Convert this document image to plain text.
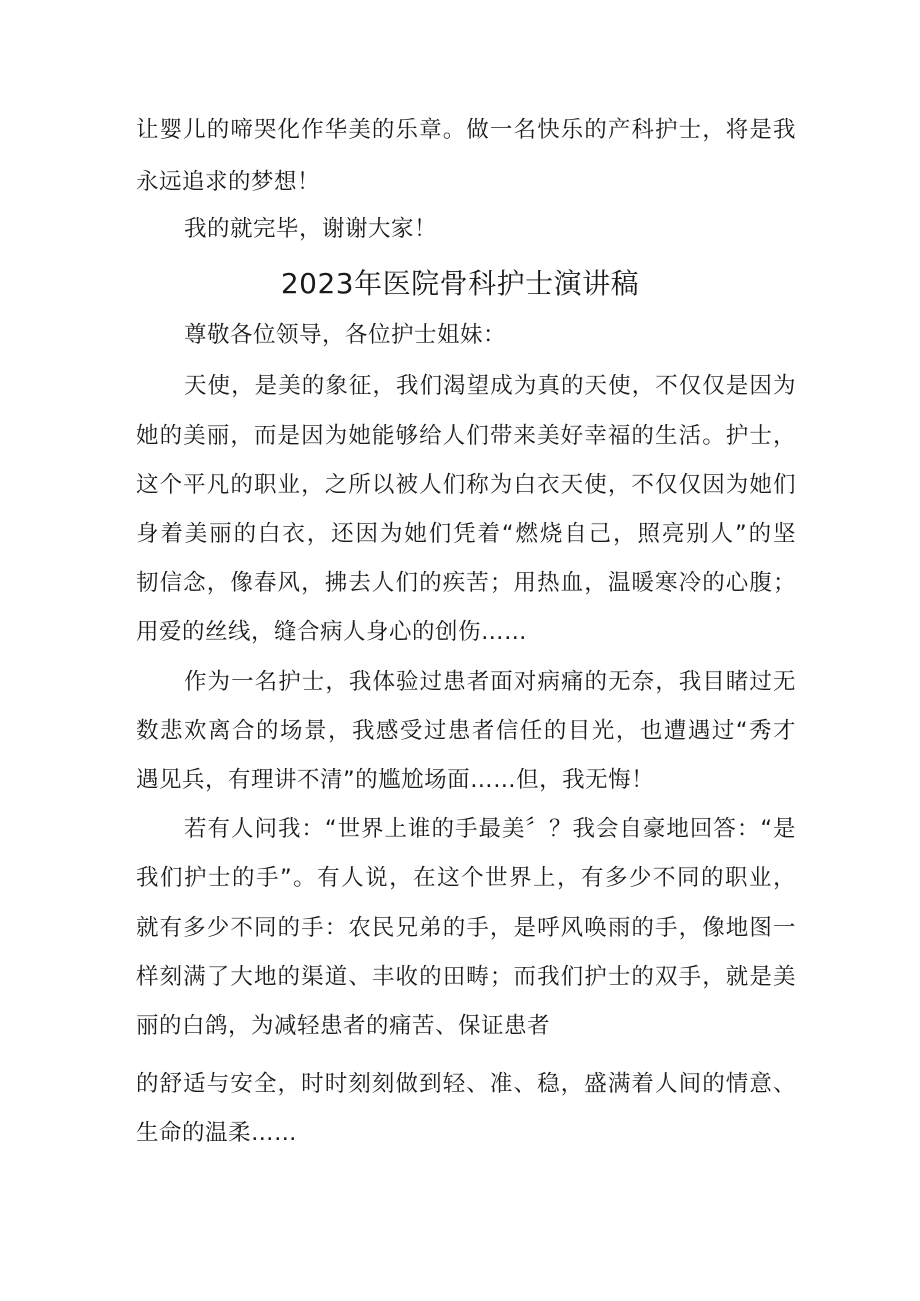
让婴儿的啼哭化作华美的乐章。做一名快乐的产科护士，将是我
永远追求的梦想！
我的就完毕，谢谢大家！
2023年医院骨科护士演讲稿
尊敬各位领导，各位护士姐妹：
天使，是美的象征，我们渴望成为真的天使，不仅仅是因为
她的美丽，而是因为她能够给人们带来美好幸福的生活。护士，
这个平凡的职业，之所以被人们称为白衣天使，不仅仅因为她们
身着美丽的白衣，还因为她们凭着“燃烧自己，照亮别人”的坚
韧信念，像春风，拂去人们的疾苦；用热血，温暖寒冷的心腹；
用爱的丝线，缝合病人身心的创伤……
作为一名护士，我体验过患者面对病痛的无奈，我目睹过无
数悲欢离合的场景，我感受过患者信任的目光，也遭遇过“秀才
遇见兵，有理讲不清”的尴尬场面……但，我无悔！
若有人问我：“世界上谁的手最美〞？我会自豪地回答：“是
我们护士的手”。有人说，在这个世界上，有多少不同的职业，
就有多少不同的手：农民兄弟的手，是呼风唤雨的手，像地图一
样刻满了大地的渠道、丰收的田畴；而我们护士的双手，就是美
丽的白鸽，为减轻患者的痛苦、保证患者
的舒适与安全，时时刻刻做到轻、准、稳，盛满着人间的情意、
生命的温柔……
